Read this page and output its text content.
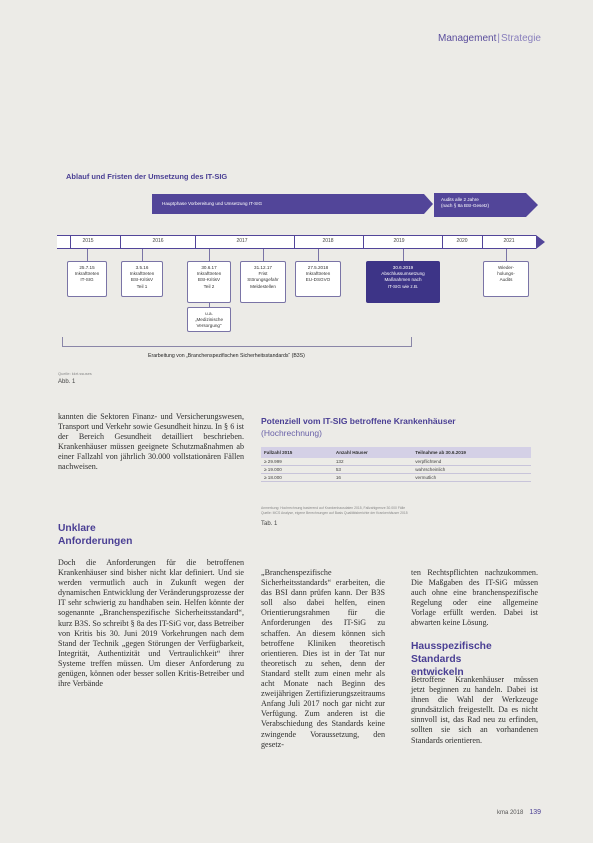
Management|Strategie
Ablauf und Fristen der Umsetzung des IT-SIG
Hauptphase Vorbereitung und Umsetzung IT-SIG
Audits alle 2 Jahre
(nach § 8a BSI-Gesetz)
2015	2016	2017	2018	2019	2020	2021
25.7.15
Inkrafttreten
IT-SIG
3.5.16
Inkrafttreten
BSI-KritisV
Teil 1
30.6.17
Inkrafttreten
BSI-KritisV
Teil 2
u.a.
„Medizinische
Versorgung“
31.12.17
Frist
Störungsgefahr
Meldestellen
27.5.2018
Inkrafttreten
EU-DSGVO
30.6.2019
Abschlussumsetzung
Maßnahmen nach
IT-SIG wie z.B.
Wieder-
holungs-
Audits
Erarbeitung von „Branchenspezifischen Sicherheitsstandards“ (B3S)
Quelle: kkrt.ssuses
Abb. 1
kannten die Sektoren Finanz- und Versicherungswesen, Transport und Verkehr sowie Gesundheit hinzu. In § 6 ist der Bereich Gesundheit detailliert beschrieben. Krankenhäuser müssen geeignete Schutzmaßnahmen ab einer Fallzahl von jährlich 30.000 vollstationären Fällen nachweisen.
Unklare
Anforderungen
Doch die Anforderungen für die betroffenen Krankenhäuser sind bisher nicht klar definiert. Und sie werden vermutlich auch in Zukunft wegen der dynamischen Entwicklung der Veränderungsprozesse der IT sehr schwierig zu handhaben sein. Helfen könnte der sogenannte „Branchenspezifische Sicherheitsstandard“, kurz B3S. So schreibt § 8a des IT-SiG vor, dass Betreiber von Kritis bis 30. Juni 2019 Vorkehrungen nach dem Stand der Technik „gegen Störungen der Verfügbarkeit, Integrität, Authentizität und Vertraulichkeit“ ihrer Systeme treffen müssen. Um dieser Anforderung zu genügen, können oder besser sollen Kritis-Betreiber und ihre Verbände
Potenziell vom IT-SIG betroffene Krankenhäuser
(Hochrechnung)
Fallzahl 2015	Anzahl Häuser	Teilnahme ab 30.6.2019
≥ 29.999	132	verpflichtend
≥ 19.000	53	wahrscheinlich
≥ 18.000	16	vermutlich
Anmerkung: Hochrechnung basierend auf Krankenhausdaten 2015, Fallzahlgrenze 30.000 Fälle
Quelle: MCS Analyse, eigene Berechnungen auf Basis Qualitätsberichte der Krankenhäuser 2015
Tab. 1
„Branchenspezifische Sicherheitsstandards“ erarbeiten, die das BSI dann prüfen kann. Der B3S soll also dabei helfen, einen Orientierungsrahmen für die Anforderungen des IT-SiG zu schaffen. An diesem können sich betroffene Kliniken theoretisch orientieren. Dies ist in der Tat nur theoretisch zu sehen, denn der Standard stellt zum einen mehr als acht Monate nach Beginn des zweijährigen Zertifizierungszeitraums Anfang Juli 2017 noch gar nicht zur Verfügung. Zum anderen ist die Verabschiedung des Standards keine zwingende Voraussetzung, den gesetz-
ten Rechtspflichten nachzukommen. Die Maßgaben des IT-SiG müssen auch ohne eine branchenspezifische Regelung oder eine allgemeine Vorlage erfüllt werden. Dabei ist abwarten keine Lösung.
Hausspezifische Standards
entwickeln
Betroffene Krankenhäuser müssen jetzt beginnen zu handeln. Dabei ist ihnen die Wahl der Werkzeuge grundsätzlich freigestellt. Da es nicht sinnvoll ist, das Rad neu zu erfinden, sollten sie sich an vorhandenen Standards orientieren.
kma 2018 139
